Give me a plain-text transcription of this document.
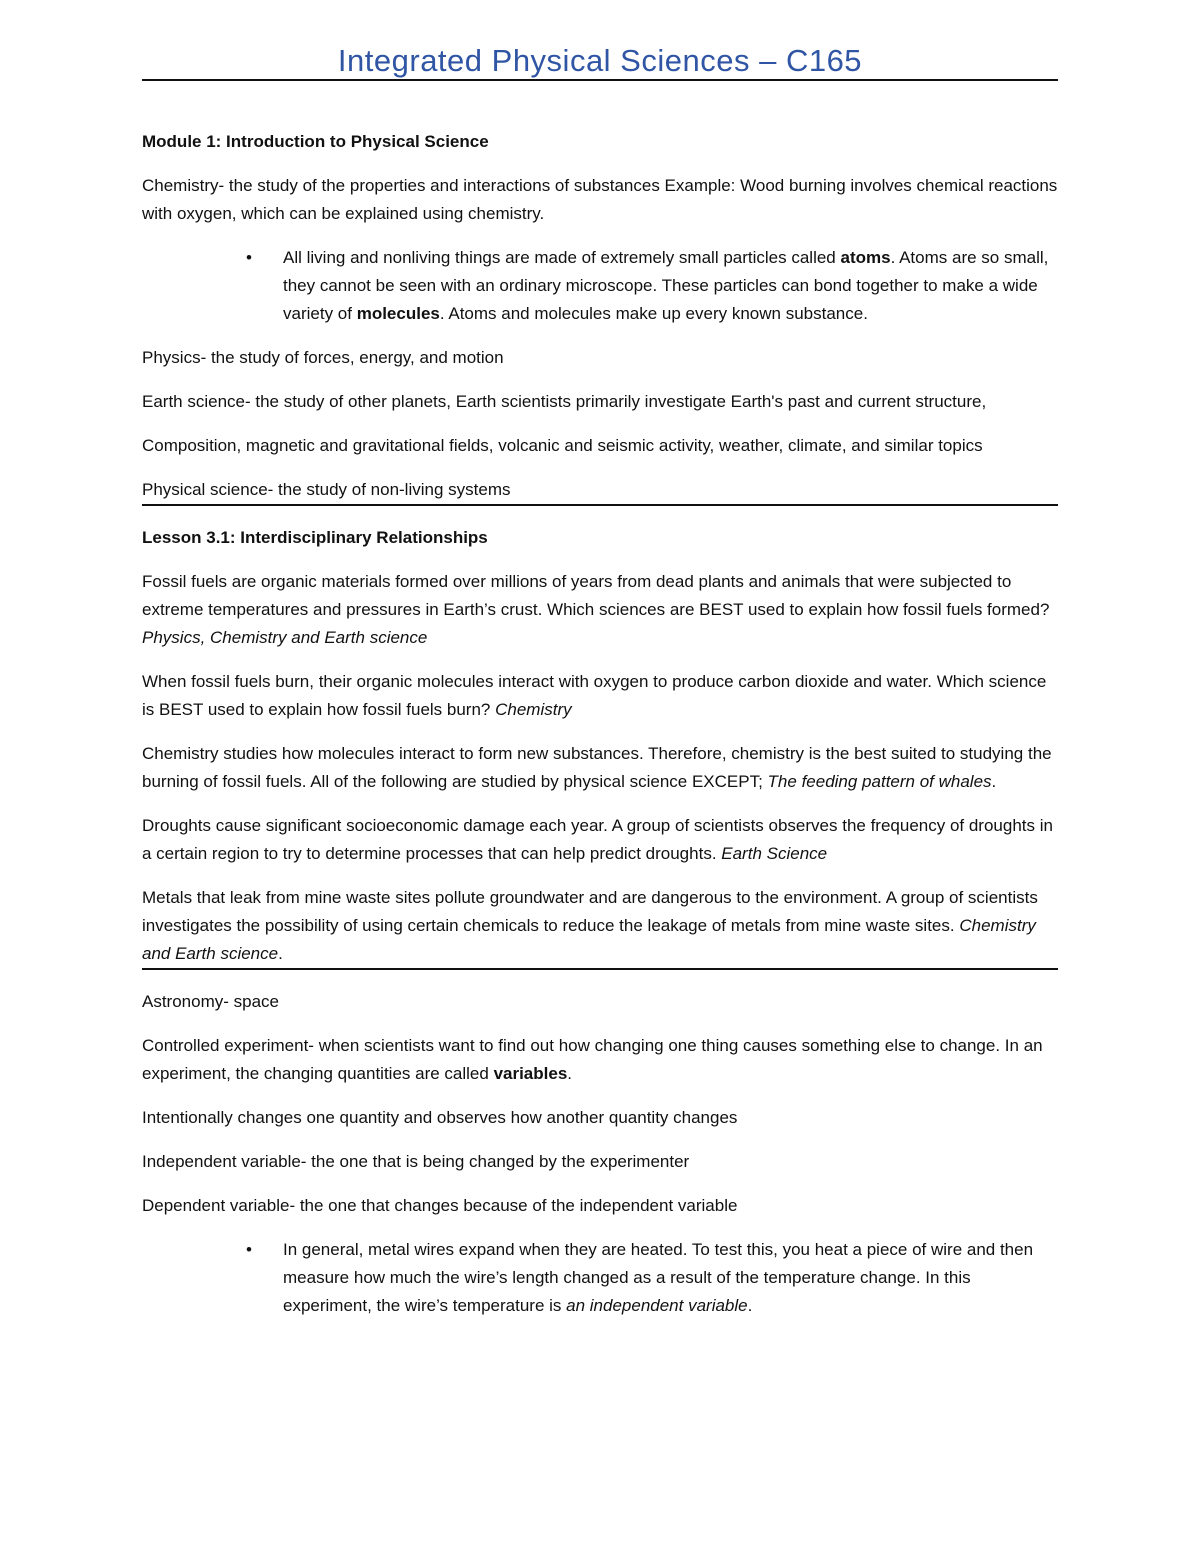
Integrated Physical Sciences – C165

Module 1: Introduction to Physical Science

Chemistry- the study of the properties and interactions of substances Example: Wood burning involves chemical reactions with oxygen, which can be explained using chemistry.

• All living and nonliving things are made of extremely small particles called atoms. Atoms are so small, they cannot be seen with an ordinary microscope. These particles can bond together to make a wide variety of molecules. Atoms and molecules make up every known substance.

Physics- the study of forces, energy, and motion

Earth science- the study of other planets, Earth scientists primarily investigate Earth's past and current structure,

Composition, magnetic and gravitational fields, volcanic and seismic activity, weather, climate, and similar topics

Physical science- the study of non-living systems

Lesson 3.1: Interdisciplinary Relationships

Fossil fuels are organic materials formed over millions of years from dead plants and animals that were subjected to extreme temperatures and pressures in Earth’s crust. Which sciences are BEST used to explain how fossil fuels formed? Physics, Chemistry and Earth science

When fossil fuels burn, their organic molecules interact with oxygen to produce carbon dioxide and water. Which science is BEST used to explain how fossil fuels burn? Chemistry

Chemistry studies how molecules interact to form new substances. Therefore, chemistry is the best suited to studying the burning of fossil fuels. All of the following are studied by physical science EXCEPT; The feeding pattern of whales.

Droughts cause significant socioeconomic damage each year. A group of scientists observes the frequency of droughts in a certain region to try to determine processes that can help predict droughts. Earth Science

Metals that leak from mine waste sites pollute groundwater and are dangerous to the environment. A group of scientists investigates the possibility of using certain chemicals to reduce the leakage of metals from mine waste sites. Chemistry and Earth science.

Astronomy- space

Controlled experiment- when scientists want to find out how changing one thing causes something else to change. In an experiment, the changing quantities are called variables.

Intentionally changes one quantity and observes how another quantity changes

Independent variable- the one that is being changed by the experimenter

Dependent variable- the one that changes because of the independent variable

• In general, metal wires expand when they are heated. To test this, you heat a piece of wire and then measure how much the wire’s length changed as a result of the temperature change. In this experiment, the wire’s temperature is an independent variable.
